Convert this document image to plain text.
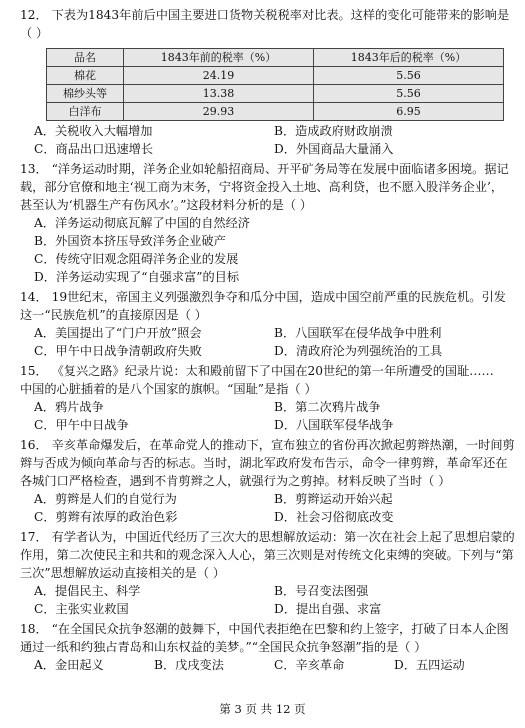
12． 下表为1843年前后中国主要进口货物关税税率对比表。这样的变化可能带来的影响是
（ ）
品名	1843年前的税率（%）	1843年后的税率（%）
棉花	24.19	5.56
棉纱头等	13.38	5.56
白洋布	29.93	6.95
A．关税收入大幅增加	B．造成政府财政崩溃
C．商品出口迅速增长	D．外国商品大量涌入
13． “洋务运动时期，洋务企业如轮船招商局、开平矿务局等在发展中面临诸多困境。据记
载，部分官僚和地主‘视工商为末务，宁将资金投入土地、高利贷，也不愿入股洋务企业’，
甚至认为‘机器生产有伤风水’。”这段材料分析的是（ ）
A．洋务运动彻底瓦解了中国的自然经济
B．外国资本挤压导致洋务企业破产
C．传统守旧观念阻碍洋务企业的发展
D．洋务运动实现了“自强求富”的目标
14． 19世纪末，帝国主义列强激烈争夺和瓜分中国，造成中国空前严重的民族危机。引发
这一“民族危机”的直接原因是（ ）
A．美国提出了“门户开放”照会	B．八国联军在侵华战争中胜利
C．甲午中日战争清朝政府失败	D．清政府沦为列强统治的工具
15． 《复兴之路》纪录片说：太和殿前留下了中国在20世纪的第一年所遭受的国耻……
中国的心脏插着的是八个国家的旗帜。“国耻”是指（ ）
A．鸦片战争	B．第二次鸦片战争
C．甲午中日战争	D．八国联军侵华战争
16． 辛亥革命爆发后，在革命党人的推动下，宣布独立的省份再次掀起剪辫热潮，一时间剪
辫与否成为倾向革命与否的标志。当时，湖北军政府发布告示，命令一律剪辫，革命军还在
各城门口严格检查，遇到不肯剪辫之人，就强行为之剪掉。材料反映了当时（ ）
A．剪辫是人们的自觉行为	B．剪辫运动开始兴起
C．剪辫有浓厚的政治色彩	D．社会习俗彻底改变
17． 有学者认为，中国近代经历了三次大的思想解放运动：第一次在社会上起了思想启蒙的
作用，第二次使民主和共和的观念深入人心，第三次则是对传统文化束缚的突破。下列与“第
三次”思想解放运动直接相关的是（ ）
A．提倡民主、科学	B．号召变法图强
C．主张实业救国	D．提出自强、求富
18． “在全国民众抗争怒潮的鼓舞下，中国代表拒绝在巴黎和约上签字，打破了日本人企图
通过一纸和约独占青岛和山东权益的美梦。”“全国民众抗争怒潮”指的是（ ）
A．金田起义	B．戊戌变法	C．辛亥革命	D．五四运动
第 3 页 共 12 页
